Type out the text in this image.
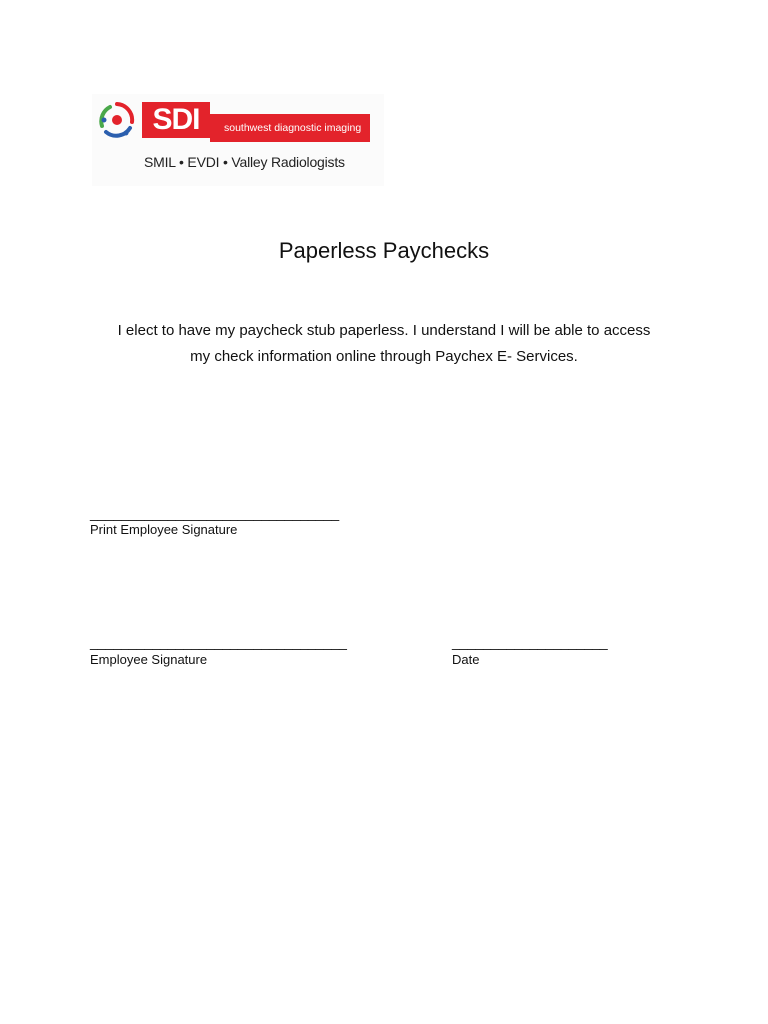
SDI	southwest diagnostic imaging
SMIL • EVDI • Valley Radiologists
Paperless Paychecks
I elect to have my paycheck stub paperless. I understand I will be able to access
my check information online through Paychex E- Services.
________________________________
Print Employee Signature
_________________________________
Employee Signature
____________________
Date
